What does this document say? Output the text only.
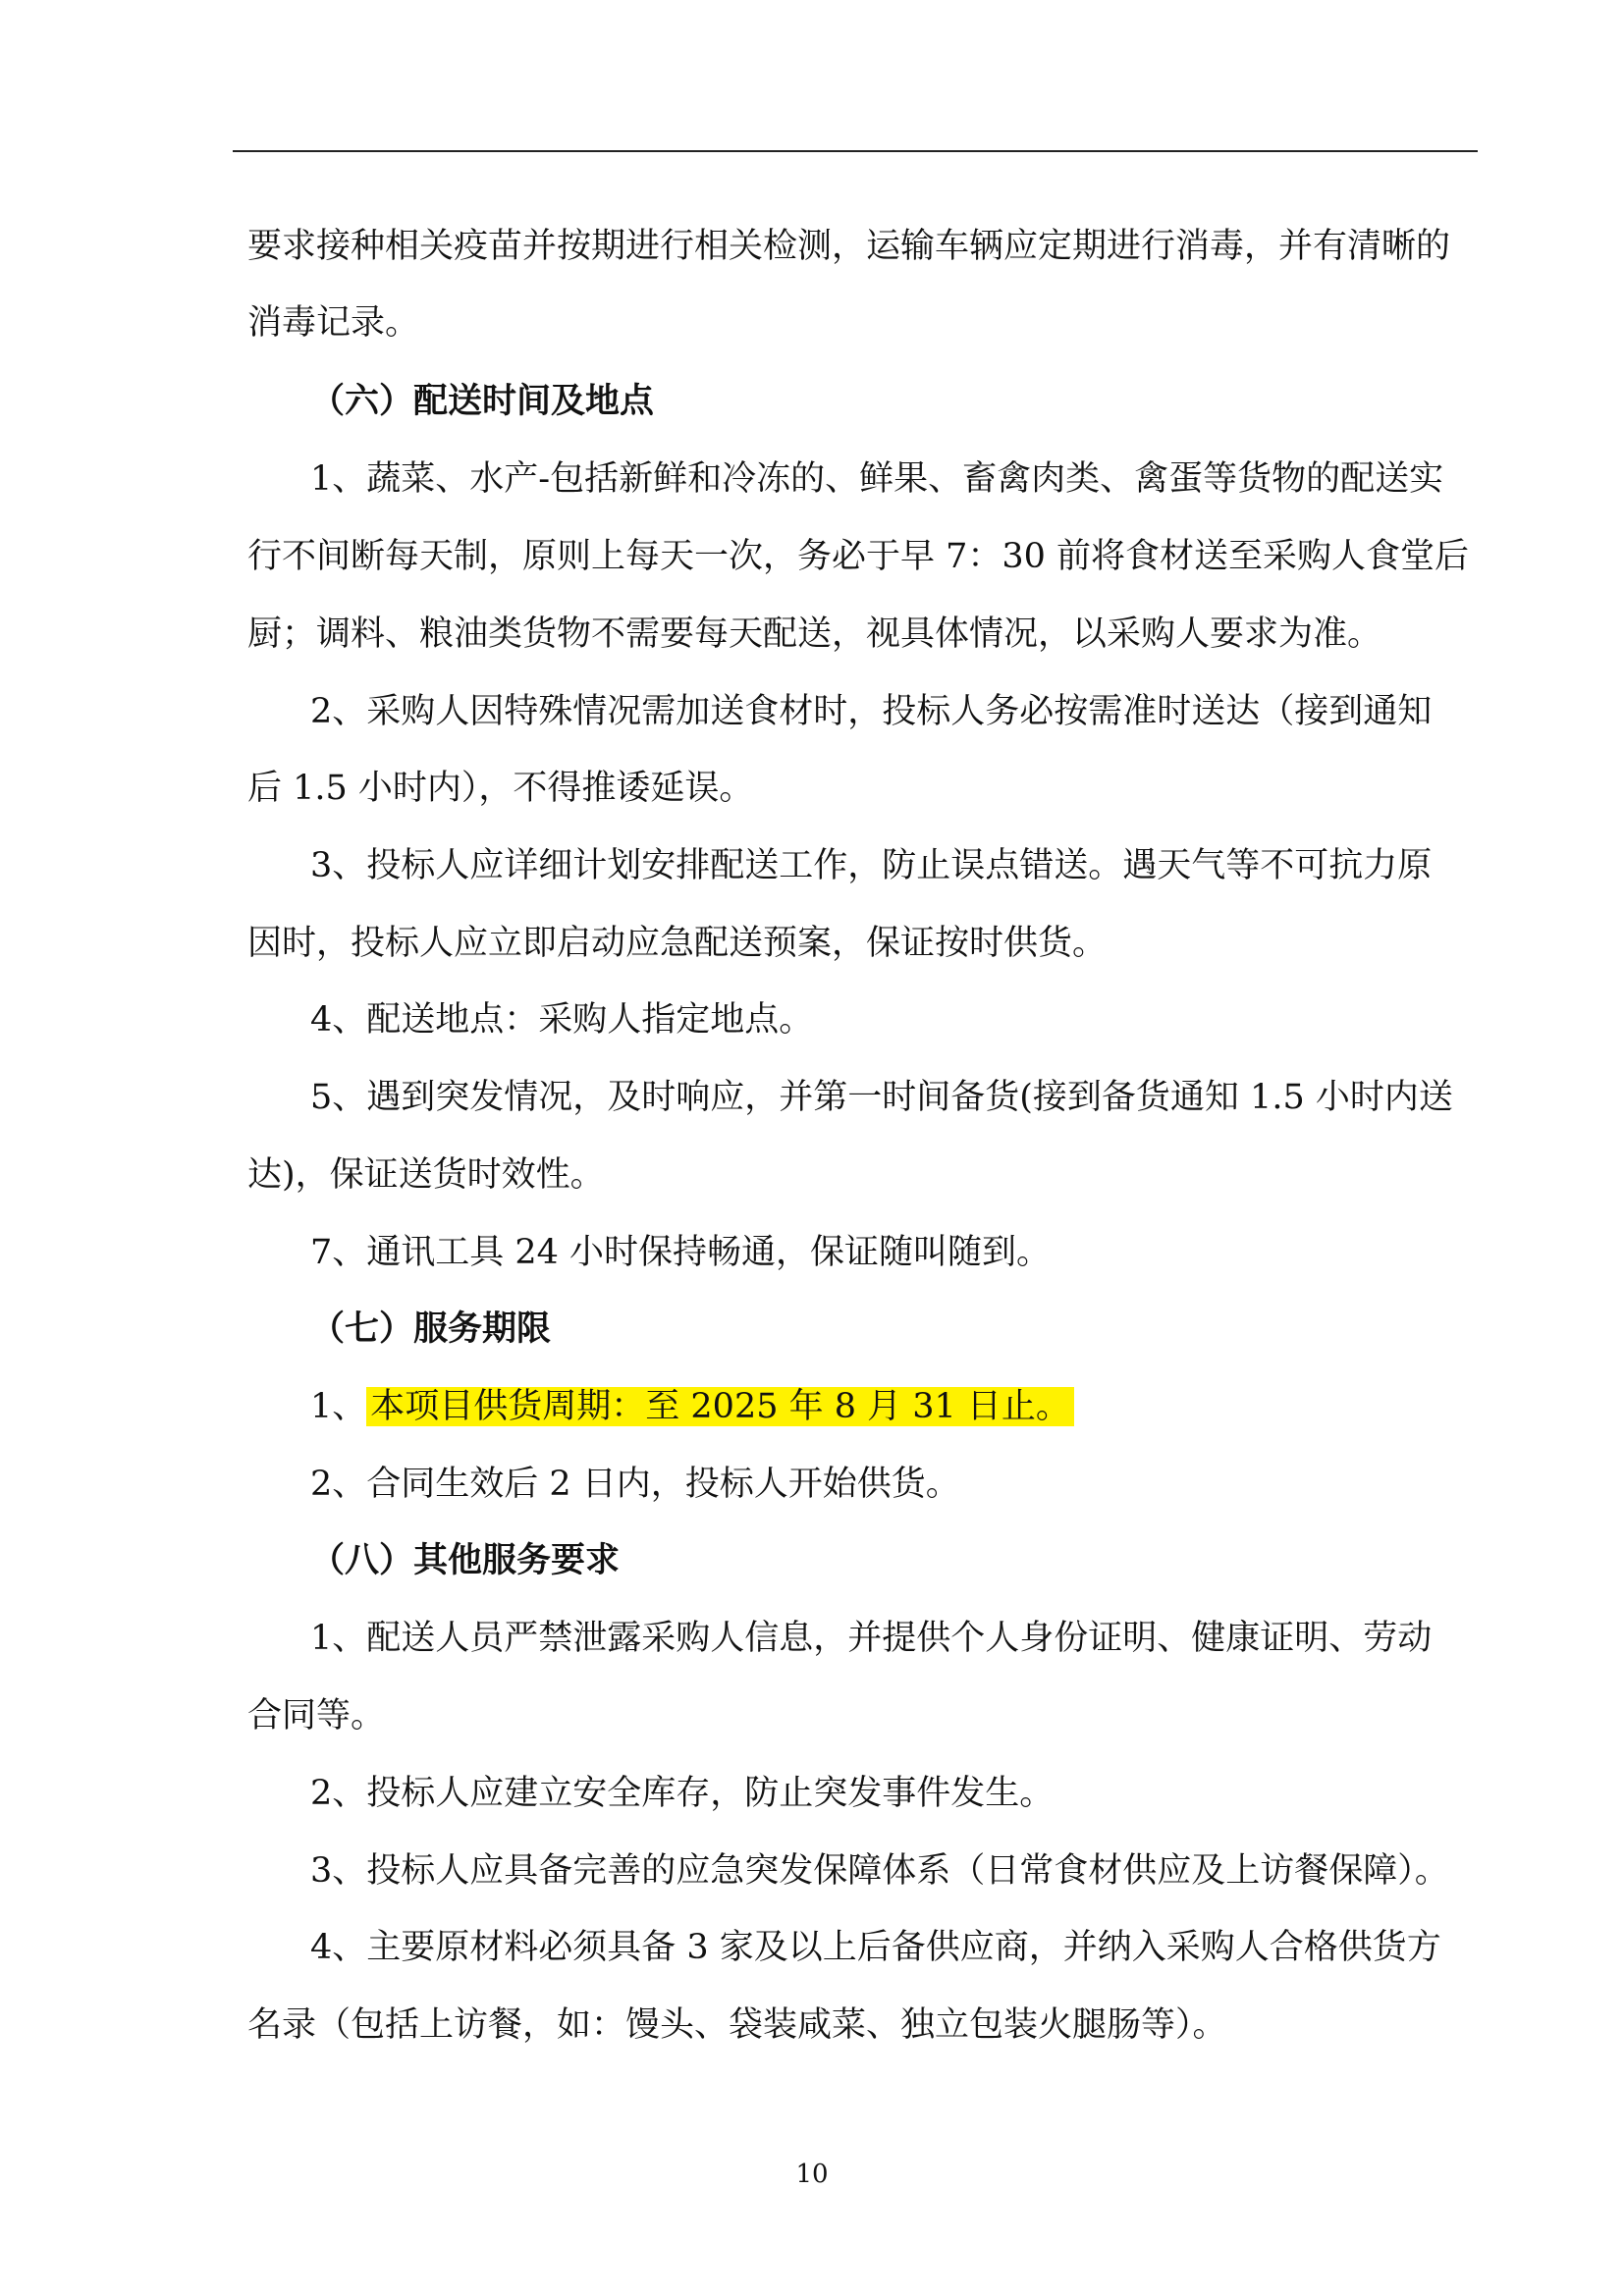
要求接种相关疫苗并按期进行相关检测，运输车辆应定期进行消毒，并有清晰的
消毒记录。
（六）配送时间及地点
1、蔬菜、水产-包括新鲜和冷冻的、鲜果、畜禽肉类、禽蛋等货物的配送实
行不间断每天制，原则上每天一次，务必于早 7：30 前将食材送至采购人食堂后
厨；调料、粮油类货物不需要每天配送，视具体情况，以采购人要求为准。
2、采购人因特殊情况需加送食材时，投标人务必按需准时送达（接到通知
后 1.5 小时内），不得推诿延误。
3、投标人应详细计划安排配送工作，防止误点错送。遇天气等不可抗力原
因时，投标人应立即启动应急配送预案，保证按时供货。
4、配送地点：采购人指定地点。
5、遇到突发情况，及时响应，并第一时间备货(接到备货通知 1.5 小时内送
达)，保证送货时效性。
7、通讯工具 24 小时保持畅通，保证随叫随到。
（七）服务期限
1、 本项目供货周期：至 2025 年 8 月 31 日止。
2、合同生效后 2 日内，投标人开始供货。
（八）其他服务要求
1、配送人员严禁泄露采购人信息，并提供个人身份证明、健康证明、劳动
合同等。
2、投标人应建立安全库存，防止突发事件发生。
3、投标人应具备完善的应急突发保障体系（日常食材供应及上访餐保障）。
4、主要原材料必须具备 3 家及以上后备供应商，并纳入采购人合格供货方
名录（包括上访餐，如：馒头、袋装咸菜、独立包装火腿肠等）。
10
